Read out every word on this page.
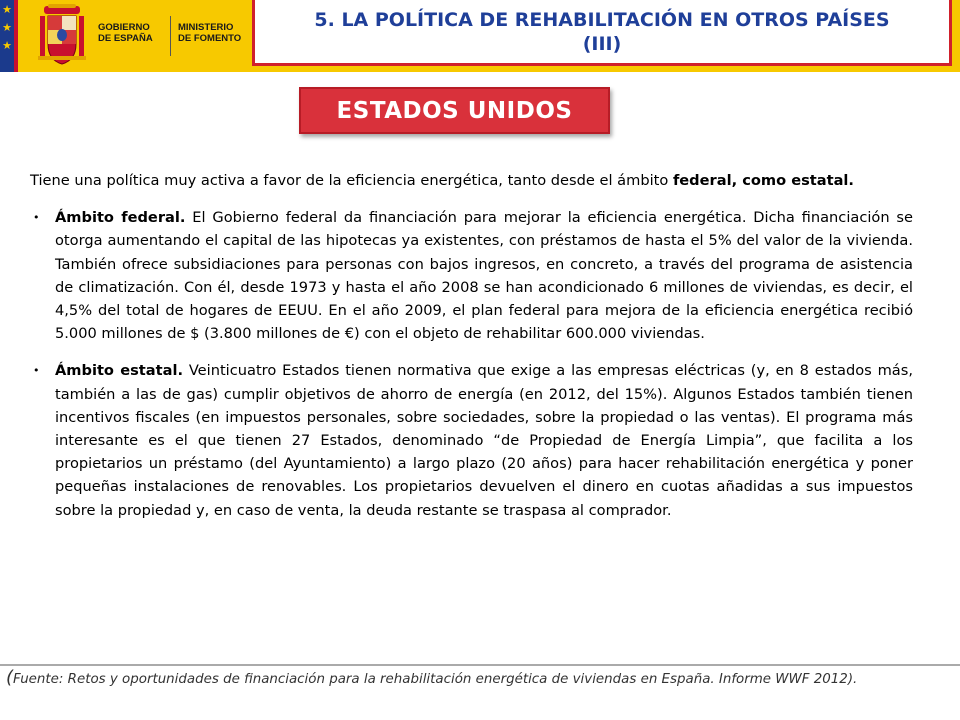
★
★
★
GOBIERNO
DE ESPAÑA
MINISTERIO
DE FOMENTO
5. LA POLÍTICA DE REHABILITACIÓN EN OTROS PAÍSES
(III)
ESTADOS UNIDOS

Tiene una política muy activa a favor de la eficiencia energética, tanto desde el ámbito federal, como estatal.

• Ámbito federal. El Gobierno federal da financiación para mejorar la eficiencia energética. Dicha financiación se otorga aumentando el capital de las hipotecas ya existentes, con préstamos de hasta el 5% del valor de la vivienda. También ofrece subsidiaciones para personas con bajos ingresos, en concreto, a través del programa de asistencia de climatización. Con él, desde 1973 y hasta el año 2008 se han acondicionado 6 millones de viviendas, es decir, el 4,5% del total de hogares de EEUU. En el año 2009, el plan federal para mejora de la eficiencia energética recibió 5.000 millones de $ (3.800 millones de €) con el objeto de rehabilitar 600.000 viviendas.

• Ámbito estatal. Veinticuatro Estados tienen normativa que exige a las empresas eléctricas (y, en 8 estados más, también a las de gas) cumplir objetivos de ahorro de energía (en 2012, del 15%). Algunos Estados también tienen incentivos fiscales (en impuestos personales, sobre sociedades, sobre la propiedad o las ventas). El programa más interesante es el que tienen 27 Estados, denominado “de Propiedad de Energía Limpia”, que facilita a los propietarios un préstamo (del Ayuntamiento) a largo plazo (20 años) para hacer rehabilitación energética y poner pequeñas instalaciones de renovables. Los propietarios devuelven el dinero en cuotas añadidas a sus impuestos sobre la propiedad y, en caso de venta, la deuda restante se traspasa al comprador.

(Fuente: Retos y oportunidades de financiación para la rehabilitación energética de viviendas en España. Informe WWF 2012).
